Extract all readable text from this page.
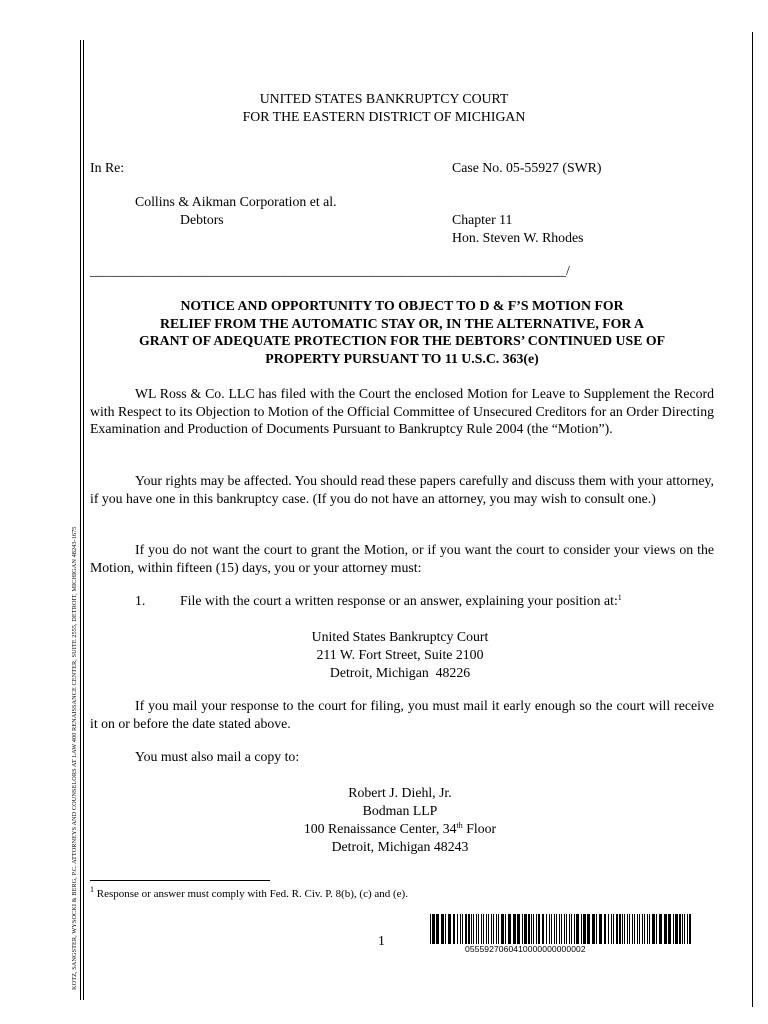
KOTZ, SANGSTER, WYSOCKI & BERG, P.C. ATTORNEYS AND COUNSELORS AT LAW 400 RENAISSANCE CENTER, SUITE 2555, DETROIT, MICHIGAN 48243-1675
UNITED STATES BANKRUPTCY COURT
FOR THE EASTERN DISTRICT OF MICHIGAN
In Re:	Case No. 05-55927 (SWR)
Collins & Aikman Corporation et al.
Debtors	Chapter 11
Hon. Steven W. Rhodes
_____________________________________________________________________/
NOTICE AND OPPORTUNITY TO OBJECT TO D & F’S MOTION FOR
RELIEF FROM THE AUTOMATIC STAY OR, IN THE ALTERNATIVE, FOR A
GRANT OF ADEQUATE PROTECTION FOR THE DEBTORS’ CONTINUED USE OF
PROPERTY PURSUANT TO 11 U.S.C. 363(e)

WL Ross & Co. LLC has filed with the Court the enclosed Motion for Leave to Supplement the Record with Respect to its Objection to Motion of the Official Committee of Unsecured Creditors for an Order Directing Examination and Production of Documents Pursuant to Bankruptcy Rule 2004 (the “Motion”).

Your rights may be affected. You should read these papers carefully and discuss them with your attorney, if you have one in this bankruptcy case. (If you do not have an attorney, you may wish to consult one.)

If you do not want the court to grant the Motion, or if you want the court to consider your views on the Motion, within fifteen (15) days, you or your attorney must:

1.	File with the court a written response or an answer, explaining your position at:$^1$
United States Bankruptcy Court
211 W. Fort Street, Suite 2100
Detroit, Michigan  48226

If you mail your response to the court for filing, you must mail it early enough so the court will receive it on or before the date stated above.

You must also mail a copy to:
Robert J. Diehl, Jr.
Bodman LLP
100 Renaissance Center, 34th Floor
Detroit, Michigan 48243
$^1$ Response or answer must comply with Fed. R. Civ. P. 8(b), (c) and (e).
1
0555927060410000000000002
